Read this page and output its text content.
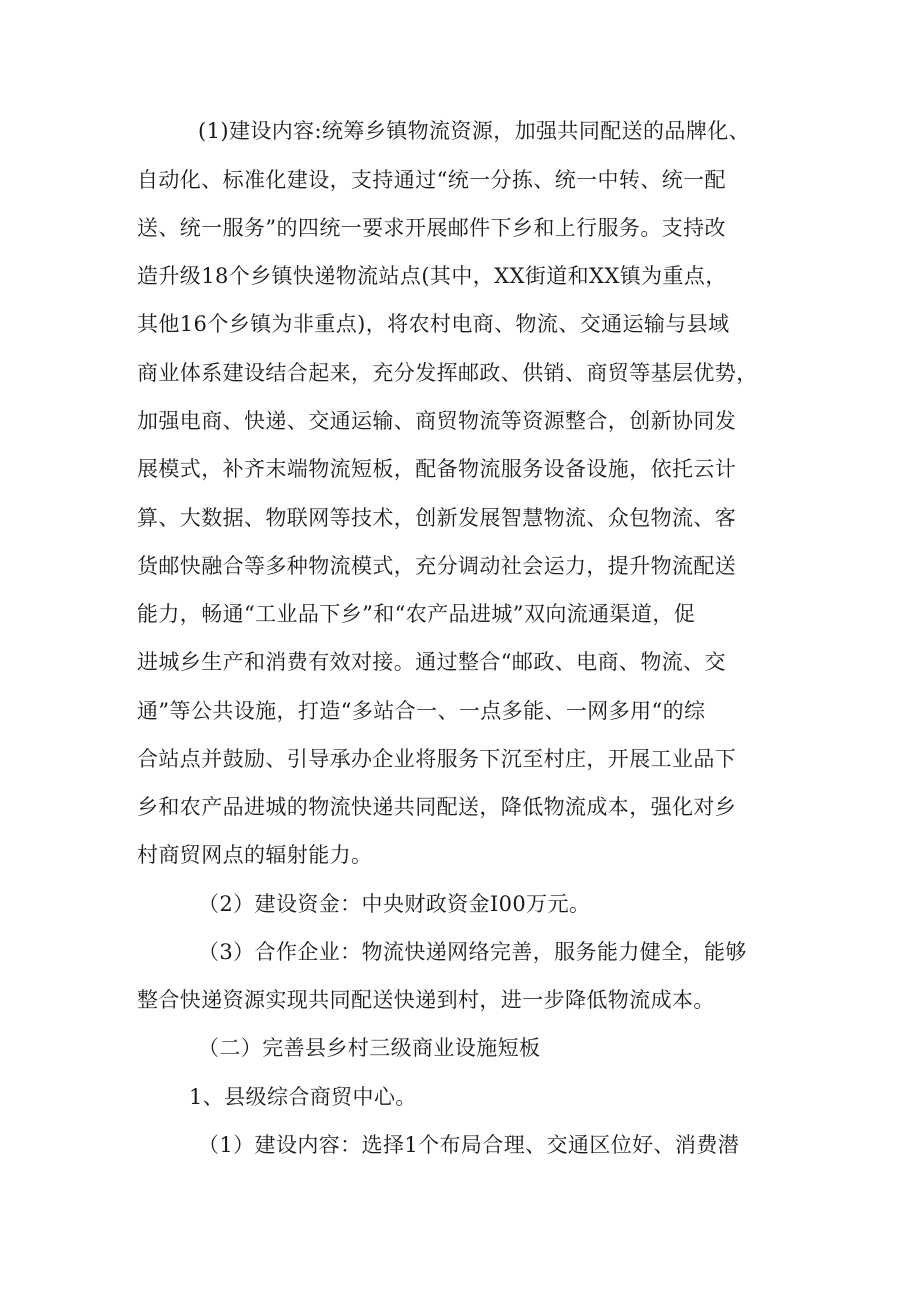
(1)建设内容:统筹乡镇物流资源，加强共同配送的品牌化、
自动化、标准化建设，支持通过“统一分拣、统一中转、统一配
送、统一服务”的四统一要求开展邮件下乡和上行服务。支持改
造升级18个乡镇快递物流站点(其中，XX街道和XX镇为重点，
其他16个乡镇为非重点)，将农村电商、物流、交通运输与县域
商业体系建设结合起来，充分发挥邮政、供销、商贸等基层优势，
加强电商、快递、交通运输、商贸物流等资源整合，创新协同发
展模式，补齐末端物流短板，配备物流服务设备设施，依托云计
算、大数据、物联网等技术，创新发展智慧物流、众包物流、客
货邮快融合等多种物流模式，充分调动社会运力，提升物流配送
能力，畅通“工业品下乡”和“农产品进城”双向流通渠道，促
进城乡生产和消费有效对接。通过整合“邮政、电商、物流、交
通”等公共设施，打造“多站合一、一点多能、一网多用“的综
合站点并鼓励、引导承办企业将服务下沉至村庄，开展工业品下
乡和农产品进城的物流快递共同配送，降低物流成本，强化对乡
村商贸网点的辐射能力。
（2）建设资金：中央财政资金I00万元。
（3）合作企业：物流快递网络完善，服务能力健全，能够
整合快递资源实现共同配送快递到村，进一步降低物流成本。
（二）完善县乡村三级商业设施短板
1、县级综合商贸中心。
（1）建设内容：选择1个布局合理、交通区位好、消费潜
